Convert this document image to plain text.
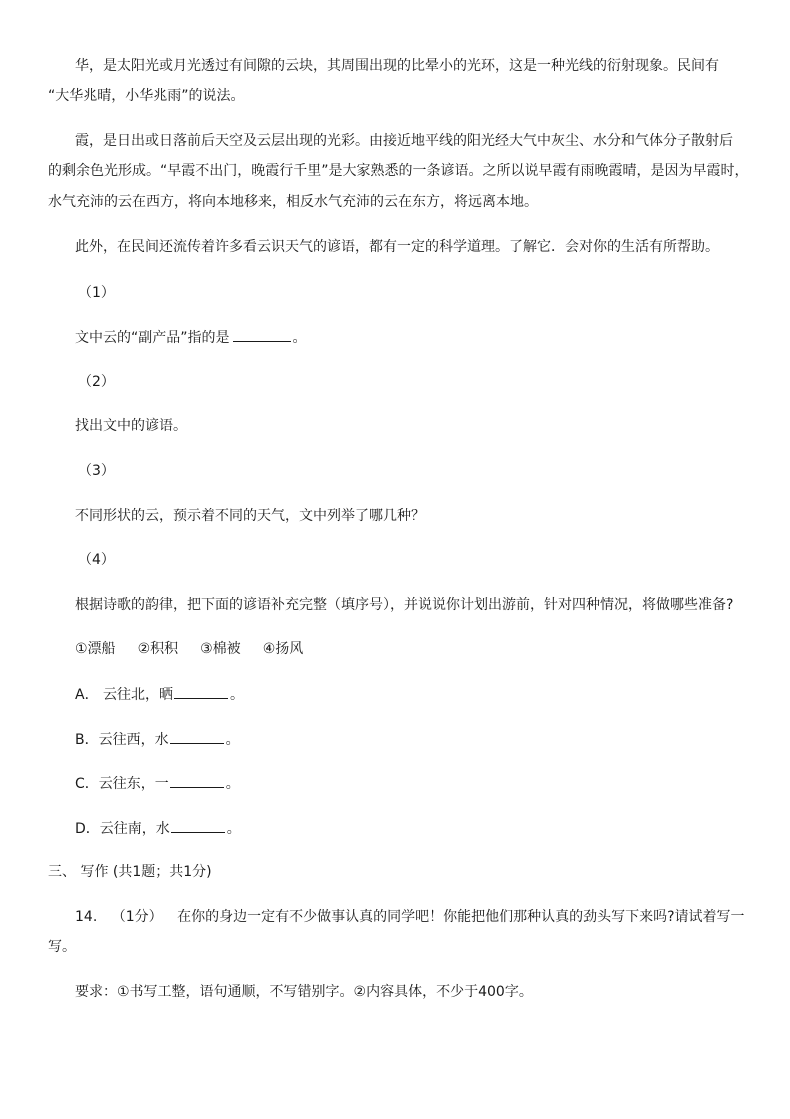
华，是太阳光或月光透过有间隙的云块，其周围出现的比晕小的光环，这是一种光线的衍射现象。民间有
“大华兆晴，小华兆雨”的说法。
霞，是日出或日落前后天空及云层出现的光彩。由接近地平线的阳光经大气中灰尘、水分和气体分子散射后
的剩余色光形成。“早霞不出门，晚霞行千里”是大家熟悉的一条谚语。之所以说早霞有雨晚霞晴，是因为早霞时，
水气充沛的云在西方，将向本地移来，相反水气充沛的云在东方，将远离本地。
此外，在民间还流传着许多看云识天气的谚语，都有一定的科学道理。了解它．会对你的生活有所帮助。
（1）
文中云的“副产品”指的是	。
（2）
找出文中的谚语。
（3）
不同形状的云，预示着不同的天气，文中列举了哪几种？
（4）
根据诗歌的韵律，把下面的谚语补充完整（填序号），并说说你计划出游前，针对四种情况，将做哪些准备?
①漂船 ②积积 ③棉被 ④扬风
A． 云往北，晒	。
B．云往西，水	。
C．云往东，一	。
D．云往南，水	。
三、 写作 (共1题；共1分)
14. （1分） 在你的身边一定有不少做事认真的同学吧！你能把他们那种认真的劲头写下来吗?请试着写一
写。
要求：①书写工整，语句通顺，不写错别字。②内容具体，不少于400字。
